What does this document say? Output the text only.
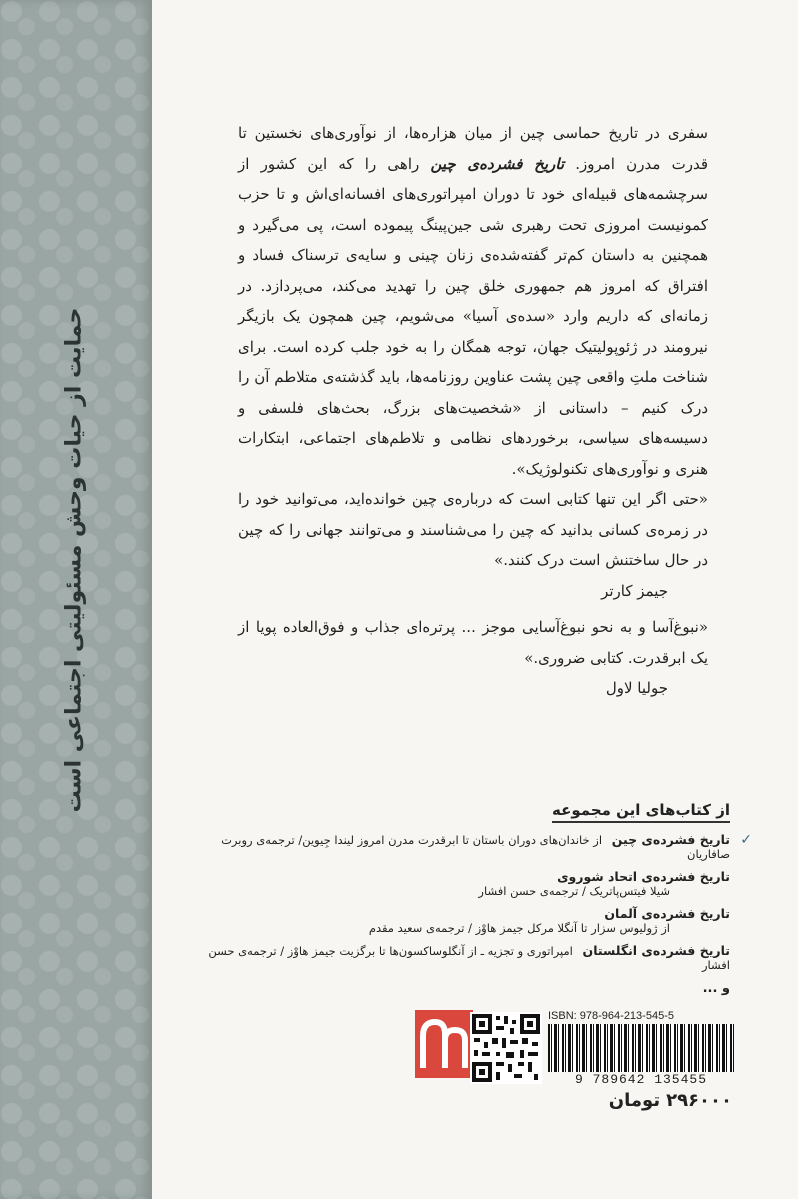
حمایت از حیات وحش مسئولیتی اجتماعی است

سفری در تاریخ حماسی چین از میان هزاره‌ها، از نوآوری‌های نخستین تا قدرت مدرن امروز. تاریخ فشرده‌ی چین راهی را که این کشور از سرچشمه‌های قبیله‌ای خود تا دوران امپراتوری‌های افسانه‌ای‌اش و تا حزب کمونیست امروزی تحت رهبری شی جین‌پینگ پیموده است، پی می‌گیرد و همچنین به داستان کم‌تر گفته‌شده‌ی زنان چینی و سایه‌ی ترسناک فساد و افتراق که امروز هم جمهوری خلق چین را تهدید می‌کند، می‌پردازد. در زمانه‌ای که داریم وارد «سده‌ی آسیا» می‌شویم، چین همچون یک بازیگر نیرومند در ژئوپولیتیک جهان، توجه همگان را به خود جلب کرده است. برای شناخت ملتِ واقعی چین پشت عناوین روزنامه‌ها، باید گذشته‌ی متلاطم آن را درک کنیم – داستانی از «شخصیت‌های بزرگ، بحث‌های فلسفی و دسیسه‌های سیاسی، برخوردهای نظامی و تلاطم‌های اجتماعی، ابتکارات هنری و نوآوری‌های تکنولوژیک».

«حتی اگر این تنها کتابی است که درباره‌ی چین خوانده‌اید، می‌توانید خود را در زمره‌ی کسانی بدانید که چین را می‌شناسند و می‌توانند جهانی را که چین در حال ساختنش است درک کنند.»

جیمز کارتر

«نبوغ‌آسا و به نحو نبوغ‌آسایی موجز ... پرتره‌ای جذاب و فوق‌العاده پویا از یک ابرقدرت. کتابی ضروری.»

جولیا لاول

از کتاب‌های این مجموعه
✓
تاریخ فشرده‌ی چین از خاندان‌های دوران باستان تا ابرقدرت مدرن امروز لیندا جِیوین/ ترجمه‌ی روبرت صافاریان
تاریخ فشرده‌ی اتحاد شوروی
شیلا فیتس‌پاتریک / ترجمه‌ی حسن افشار
تاریخ فشرده‌ی آلمان
از ژولیوس سزار تا آنگلا مرکل جیمز هاوْز / ترجمه‌ی سعید مقدم
تاریخ فشرده‌ی انگلستان امپراتوری و تجزیه ـ از آنگلوساکسون‌ها تا برگزیت جیمز هاوْز / ترجمه‌ی حسن افشار
و ...
ISBN: 978-964-213-545-5
9 789642 135455
۲۹۶۰۰۰تومان
